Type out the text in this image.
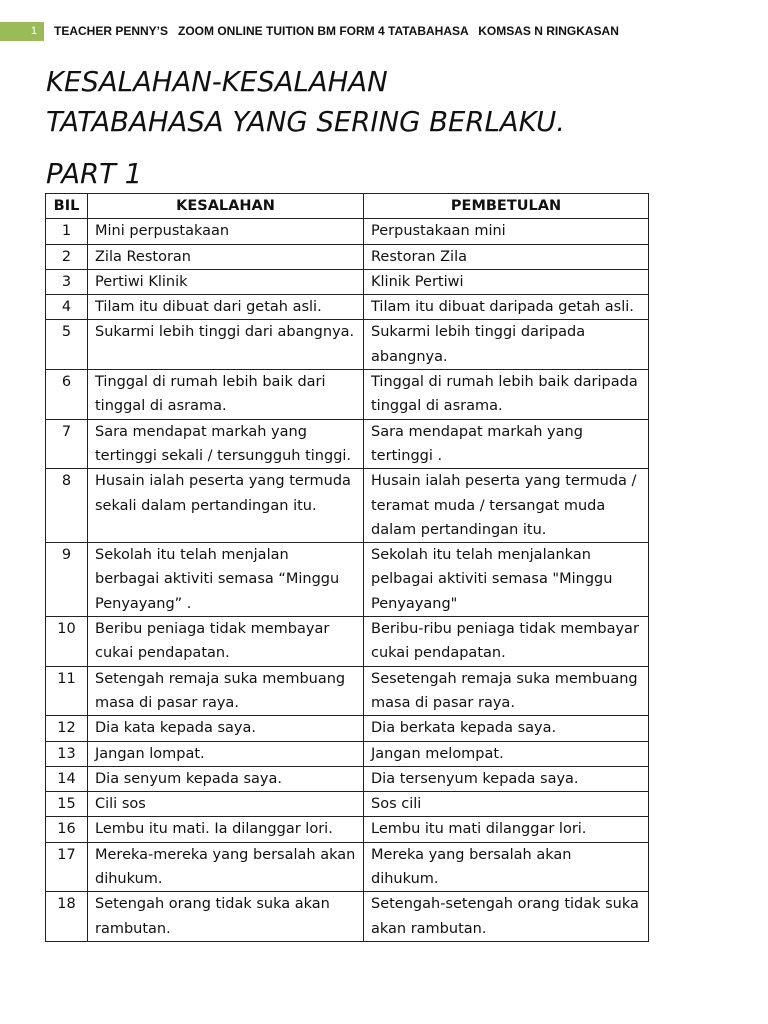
1	TEACHER PENNY’S   ZOOM ONLINE TUITION BM FORM 4 TATABAHASA   KOMSAS N RINGKASAN
KESALAHAN-KESALAHAN
TATABAHASA YANG SERING BERLAKU.
PART 1
BIL	KESALAHAN	PEMBETULAN
1	Mini perpustakaan	Perpustakaan mini
2	Zila Restoran	Restoran Zila
3	Pertiwi Klinik	Klinik Pertiwi
4	Tilam itu dibuat dari getah asli.	Tilam itu dibuat daripada getah asli.
5	Sukarmi lebih tinggi dari abangnya.	Sukarmi lebih tinggi daripada abangnya.
6	Tinggal di rumah lebih baik dari tinggal di asrama.	Tinggal di rumah lebih baik daripada tinggal di asrama.
7	Sara mendapat markah yang tertinggi sekali / tersungguh tinggi.	Sara mendapat markah yang tertinggi .
8	Husain ialah peserta yang termuda sekali dalam pertandingan itu.	Husain ialah peserta yang termuda / teramat muda / tersangat muda dalam pertandingan itu.
9	Sekolah itu telah menjalan berbagai aktiviti semasa “Minggu Penyayang” .	Sekolah itu telah menjalankan pelbagai aktiviti semasa "Minggu Penyayang"
10	Beribu peniaga tidak membayar cukai pendapatan.	Beribu-ribu peniaga tidak membayar cukai pendapatan.
11	Setengah remaja suka membuang masa di pasar raya.	Sesetengah remaja suka membuang masa di pasar raya.
12	Dia kata kepada saya.	Dia berkata kepada saya.
13	Jangan lompat.	Jangan melompat.
14	Dia senyum kepada saya.	Dia tersenyum kepada saya.
15	Cili sos	Sos cili
16	Lembu itu mati. Ia dilanggar lori.	Lembu itu mati dilanggar lori.
17	Mereka-mereka yang bersalah akan dihukum.	Mereka yang bersalah akan dihukum.
18	Setengah orang tidak suka akan rambutan.	Setengah-setengah orang tidak suka akan rambutan.
